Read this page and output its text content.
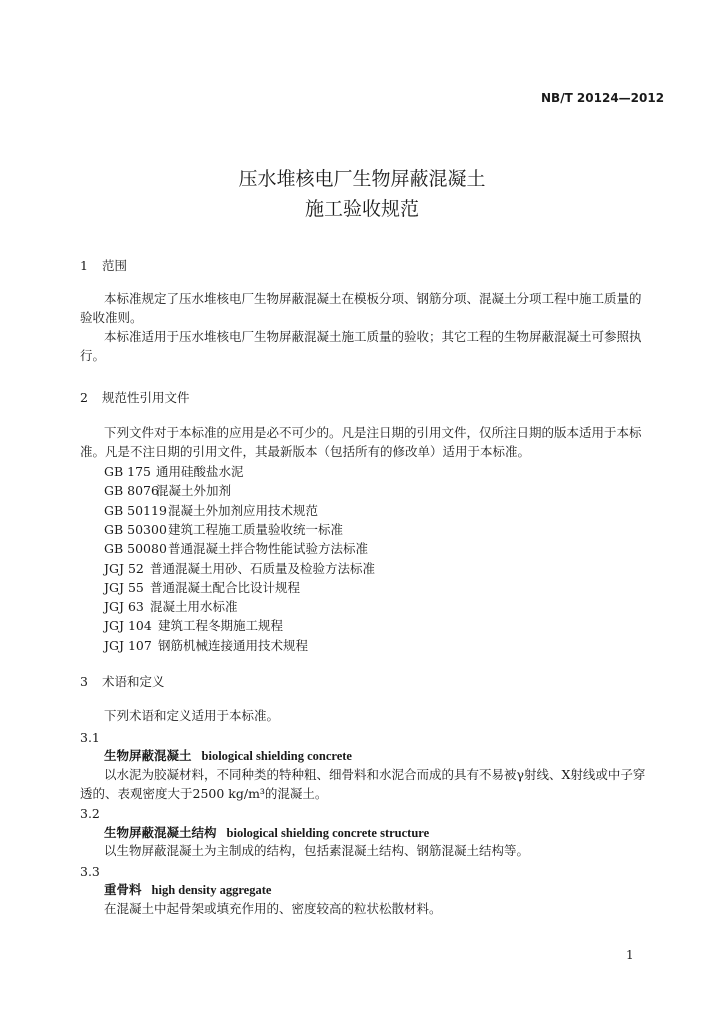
NB/T 20124—2012
压水堆核电厂生物屏蔽混凝土
施工验收规范
1 范围
本标准规定了压水堆核电厂生物屏蔽混凝土在模板分项、钢筋分项、混凝土分项工程中施工质量的验收准则。
本标准适用于压水堆核电厂生物屏蔽混凝土施工质量的验收；其它工程的生物屏蔽混凝土可参照执行。
2 规范性引用文件
下列文件对于本标准的应用是必不可少的。凡是注日期的引用文件，仅所注日期的版本适用于本标准。凡是不注日期的引用文件，其最新版本（包括所有的修改单）适用于本标准。
GB 175 通用硅酸盐水泥
GB 8076混凝土外加剂
GB 50119混凝土外加剂应用技术规范
GB 50300建筑工程施工质量验收统一标准
GB 50080普通混凝土拌合物性能试验方法标准
JGJ 52 普通混凝土用砂、石质量及检验方法标准
JGJ 55 普通混凝土配合比设计规程
JGJ 63 混凝土用水标准
JGJ 104 建筑工程冬期施工规程
JGJ 107 钢筋机械连接通用技术规程
3 术语和定义
下列术语和定义适用于本标准。
3.1
生物屏蔽混凝土 biological shielding concrete
以水泥为胶凝材料，不同种类的特种粗、细骨料和水泥合而成的具有不易被γ射线、X射线或中子穿透的、表观密度大于2500 kg/m³的混凝土。
3.2
生物屏蔽混凝土结构 biological shielding concrete structure
以生物屏蔽混凝土为主制成的结构，包括素混凝土结构、钢筋混凝土结构等。
3.3
重骨料 high density aggregate
在混凝土中起骨架或填充作用的、密度较高的粒状松散材料。
1
